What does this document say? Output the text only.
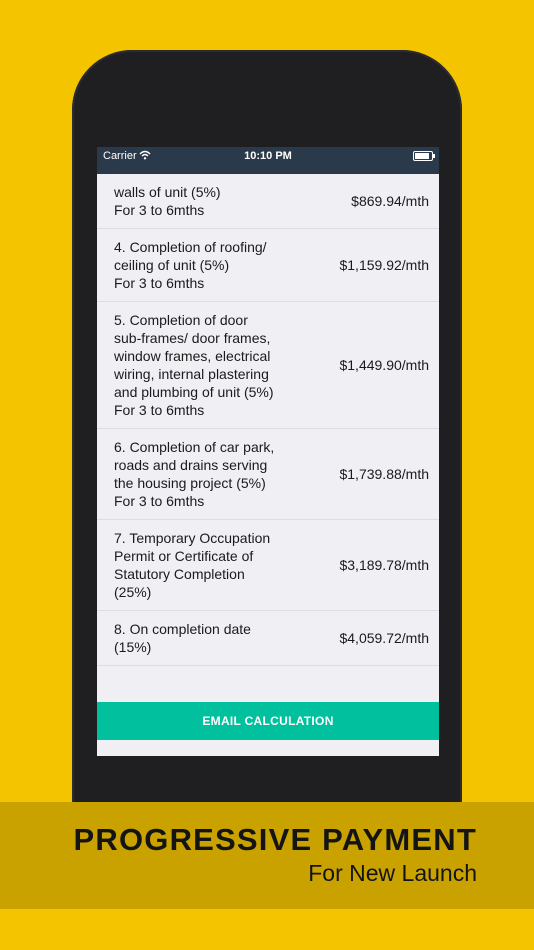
Carrier	10:10 PM
walls of unit (5%)
For 3 to 6mths
$869.94/mth
4. Completion of roofing/
ceiling of unit (5%)
For 3 to 6mths
$1,159.92/mth
5. Completion of door
sub-frames/ door frames,
window frames, electrical
wiring, internal plastering
and plumbing of unit (5%)
For 3 to 6mths
$1,449.90/mth
6. Completion of car park,
roads and drains serving
the housing project (5%)
For 3 to 6mths
$1,739.88/mth
7. Temporary Occupation
Permit or Certificate of
Statutory Completion
(25%)
$3,189.78/mth
8. On completion date
(15%)
$4,059.72/mth
EMAIL CALCULATION
PROGRESSIVE PAYMENT
For New Launch
